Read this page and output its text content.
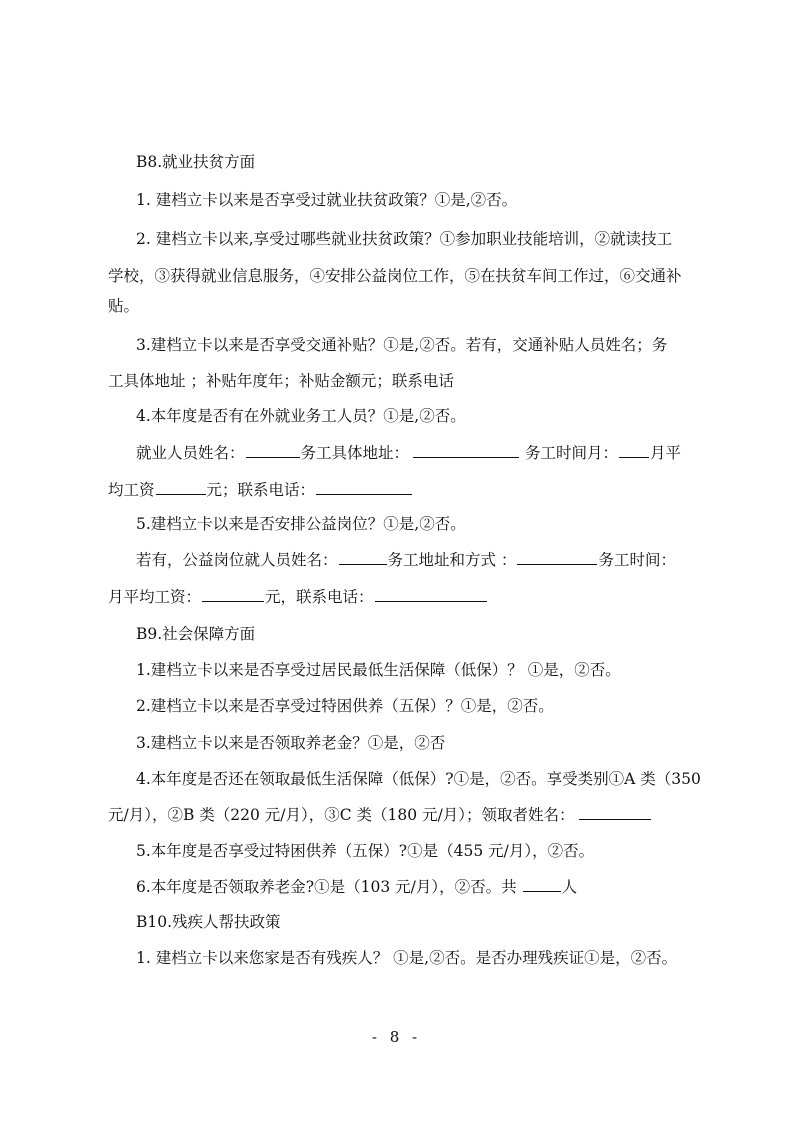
B8.就业扶贫方面
1. 建档立卡以来是否享受过就业扶贫政策？①是,②否。
2. 建档立卡以来,享受过哪些就业扶贫政策？①参加职业技能培训，②就读技工
学校，③获得就业信息服务，④安排公益岗位工作，⑤在扶贫车间工作过，⑥交通补
贴。
3.建档立卡以来是否享受交通补贴？①是,②否。若有，交通补贴人员姓名；务
工具体地址 ；补贴年度年；补贴金额元；联系电话
4.本年度是否有在外就业务工人员？①是,②否。
就业人员姓名：	务工具体地址：	务工时间月： 月平
均工资	元；联系电话：
5.建档立卡以来是否安排公益岗位？①是,②否。
若有，公益岗位就人员姓名：	务工地址和方式 ：	务工时间：
月平均工资：	元，联系电话：
B9.社会保障方面
1.建档立卡以来是否享受过居民最低生活保障（低保）？ ①是，②否。
2.建档立卡以来是否享受过特困供养（五保）？①是，②否。
3.建档立卡以来是否领取养老金？①是，②否
4.本年度是否还在领取最低生活保障（低保）?①是，②否。享受类别①A 类（350
元/月），②B 类（220 元/月），③C 类（180 元/月）；领取者姓名：
5.本年度是否享受过特困供养（五保）?①是（455 元/月），②否。
6.本年度是否领取养老金?①是（103 元/月），②否。共	人
B10.残疾人帮扶政策
1. 建档立卡以来您家是否有残疾人？ ①是,②否。是否办理残疾证①是，②否。
- 8 -
